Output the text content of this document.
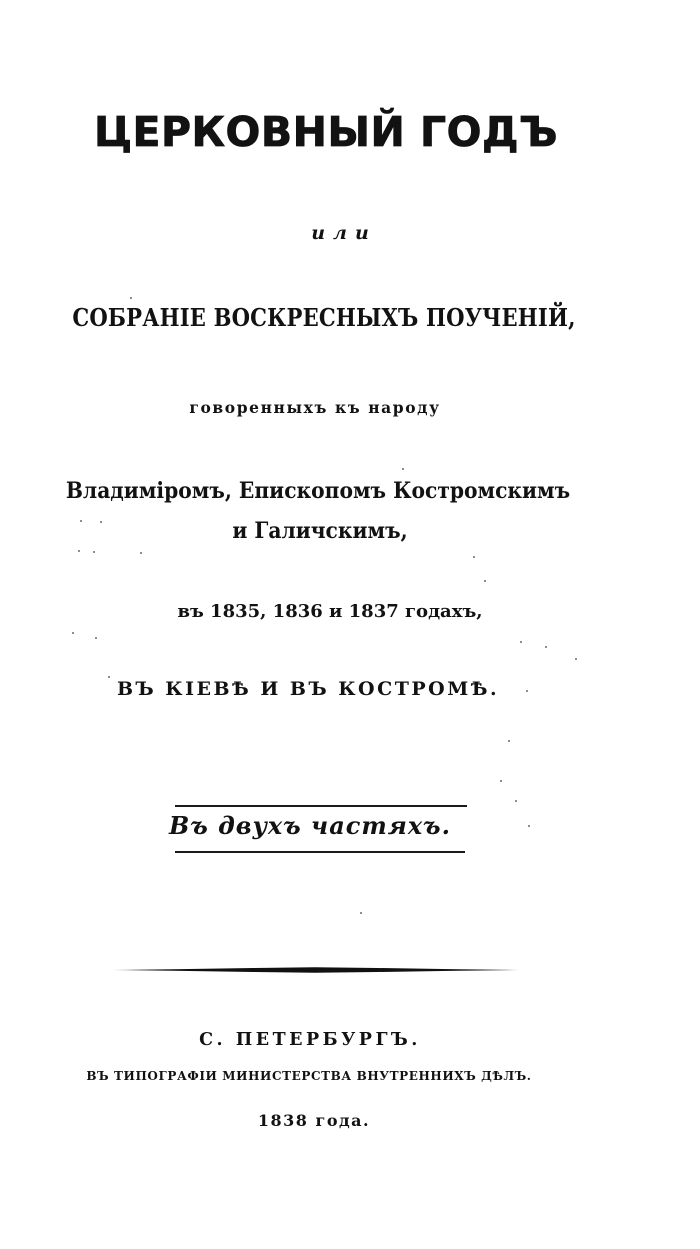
ЦЕРКОВНЫЙ ГОДЪ
или
СОБРАНІЕ ВОСКРЕСНЫХЪ ПОУЧЕНІЙ,
говоренныхъ къ народу
Владиміромъ, Епископомъ Костромскимъ
и Галичскимъ,
въ 1835, 1836 и 1837 годахъ,
ВЪ КІЕВѢ И ВЪ КОСТРОМѢ.
Въ двухъ частяхъ.
С. ПЕТЕРБУРГЪ.
ВЪ ТИПОГРАФІИ МИНИСТЕРСТВА ВНУТРЕННИХЪ ДѢЛЪ.
1838 года.
